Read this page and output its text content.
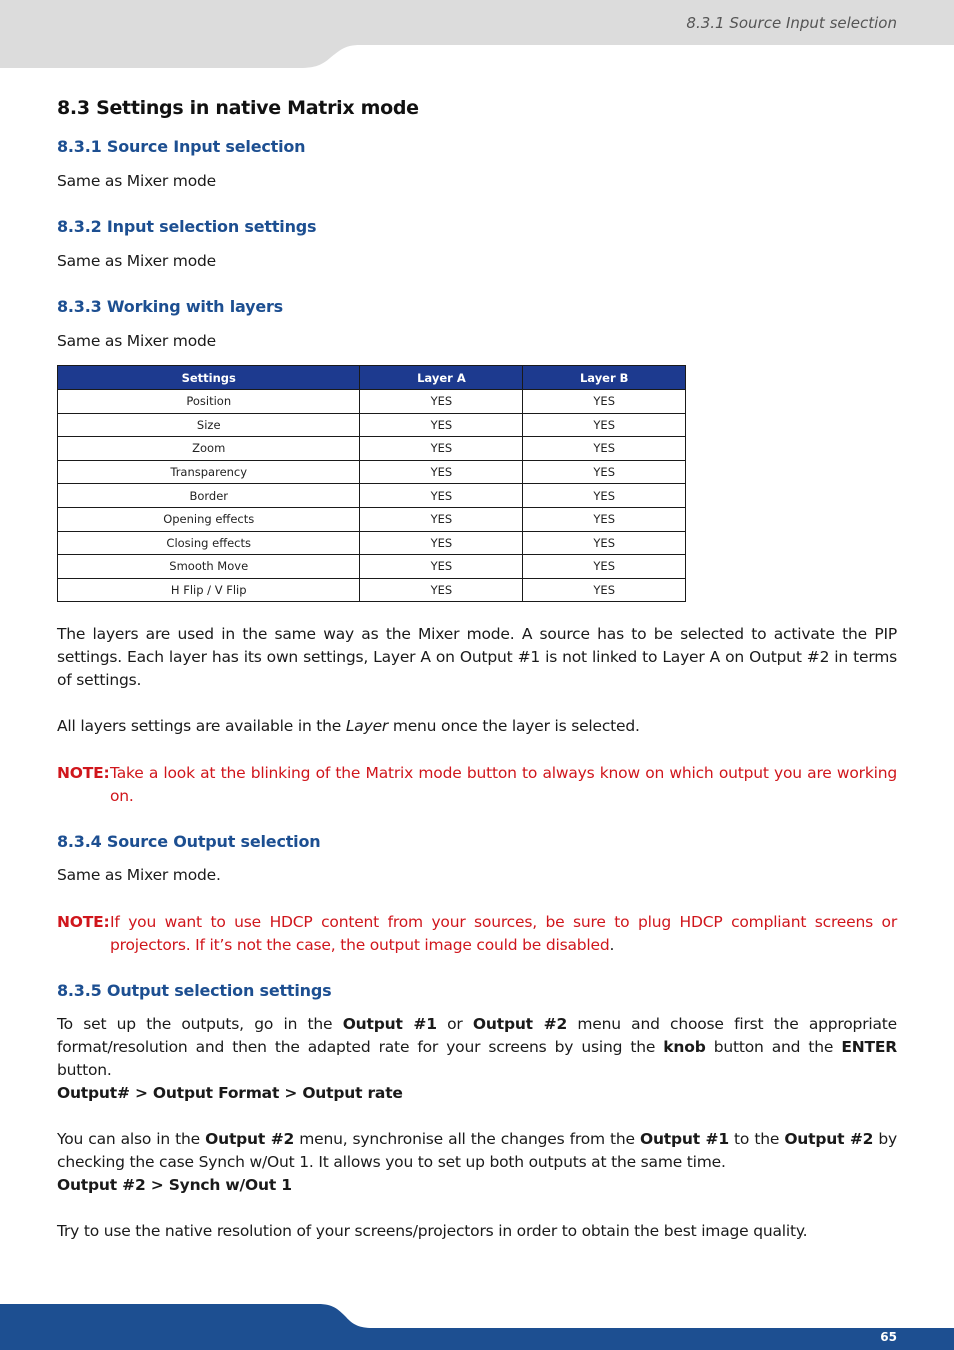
8.3.1 Source Input selection
8.3 Settings in native Matrix mode
8.3.1 Source Input selection

Same as Mixer mode

8.3.2 Input selection settings

Same as Mixer mode

8.3.3 Working with layers

Same as Mixer mode

Settings	Layer A	Layer B
Position	YES	YES
Size	YES	YES
Zoom	YES	YES
Transparency	YES	YES
Border	YES	YES
Opening effects	YES	YES
Closing effects	YES	YES
Smooth Move	YES	YES
H Flip / V Flip	YES	YES

The layers are used in the same way as the Mixer mode. A source has to be selected to activate the PIP settings. Each layer has its own settings, Layer A on Output #1 is not linked to Layer A on Output #2 in terms of settings.

All layers settings are available in the Layer menu once the layer is selected.

NOTE: Take a look at the blinking of the Matrix mode button to always know on which output you are working on.
8.3.4 Source Output selection

Same as Mixer mode.

NOTE: If you want to use HDCP content from your sources, be sure to plug HDCP compliant screens or projectors. If it’s not the case, the output image could be disabled.
8.3.5 Output selection settings

To set up the outputs, go in the Output #1 or Output #2 menu and choose first the appropriate format/resolution and then the adapted rate for your screens by using the knob button and the ENTER button.

Output# > Output Format > Output rate

You can also in the Output #2 menu, synchronise all the changes from the Output #1 to the Output #2 by checking the case Synch w/Out 1. It allows you to set up both outputs at the same time.

Output #2 > Synch w/Out 1

Try to use the native resolution of your screens/projectors in order to obtain the best image quality.

65
